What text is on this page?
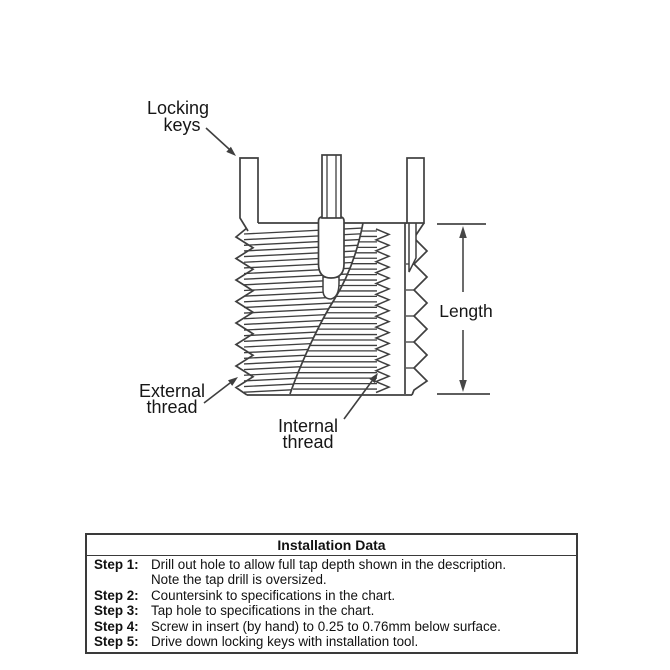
Locking
keys
External
thread
Internal
thread
Length
Installation Data
Step 1: Drill out hole to allow full tap depth shown in the description.
Note the tap drill is oversized.
Step 2: Countersink to specifications in the chart.
Step 3: Tap hole to specifications in the chart.
Step 4: Screw in insert (by hand) to 0.25 to 0.76mm below surface.
Step 5: Drive down locking keys with installation tool.
